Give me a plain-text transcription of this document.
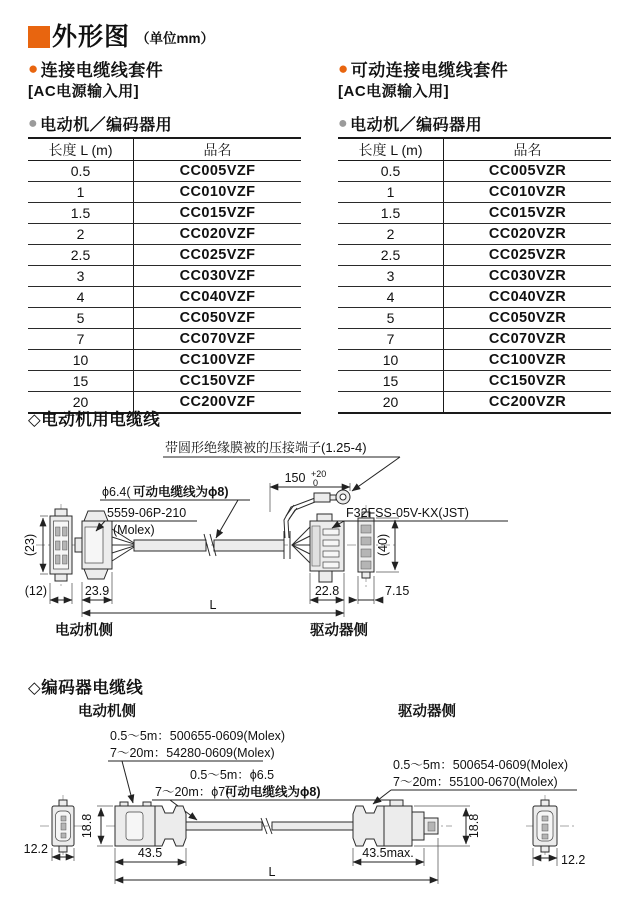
外形图 （单位mm）
● 连接电缆线套件
[AC电源输入用]
● 电动机／编码器用
● 可动连接电缆线套件
[AC电源输入用]
● 电动机／编码器用
长度 L (m)	品名
0.5	CC005VZF
1	CC010VZF
1.5	CC015VZF
2	CC020VZF
2.5	CC025VZF
3	CC030VZF
4	CC040VZF
5	CC050VZF
7	CC070VZF
10	CC100VZF
15	CC150VZF
20	CC200VZF
长度 L (m)	品名
0.5	CC005VZR
1	CC010VZR
1.5	CC015VZR
2	CC020VZR
2.5	CC025VZR
3	CC030VZR
4	CC040VZR
5	CC050VZR
7	CC070VZR
10	CC100VZR
15	CC150VZR
20	CC200VZR
◇电动机用电缆线
(23)
150 +20
0
带圆形绝缘膜被的压接端子(1.25-4)
ϕ6.4( 可动电缆线为ϕ8)
5559-06P-210
(Molex)
F32FSS-05V-KX(JST)
(12)	23.9	22.8	7.15
(40)
L
电动机侧	驱动器侧
◇编码器电缆线
电动机侧	驱动器侧
0.5～5m：500655-0609(Molex)
7～20m：54280-0609(Molex)
0.5～5m：ϕ6.5
7～20m：ϕ7(
可动电缆线为ϕ8)
0.5～5m：500654-0609(Molex)
7～20m：55100-0670(Molex)
12.2
18.8
43.5	43.5max.
18.8
12.2
L
